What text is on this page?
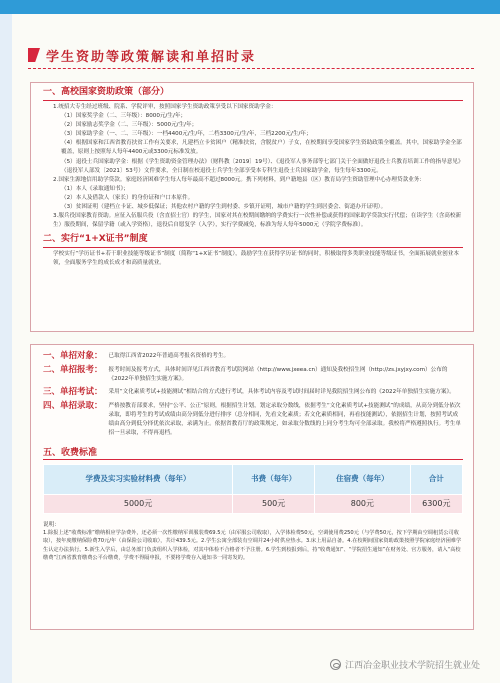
学生资助等政策解读和单招时录
一、高校国家资助政策（部分）
1.统招大专生经过班级、院系、学院评审，按照国家学生资助政策享受以下国家资助学金：
（1）国家奖学金（二、三年级）：8000元/生/年；
（2）国家励志奖学金（二、三年级）：5000元/生/年；
（3）国家助学金（一、二、三年级）：一档4400元/生/年，二档3300元/生/年，三档2200元/生/年；
（4）根据国家和江西省教育扶贫工作有关要求，凡建档立卡贫困户（精准扶贫，含脱贫户）子女，在校期间享受国家学生资助政策全覆盖。其中，国家助学金全部覆盖，原则上按照每人每年4400元或3300元标准发放。
（5）退役士兵国家助学金：根据《学生资助资金管理办法》（财科教〔2019〕19号）、《退役军人事务部等七部门关于全面做好退役士兵教育培训工作的指导意见》（退役军人部发〔2021〕53号）文件要求，全日制在校退役士兵学生全部享受本专科生退役士兵国家助学金，每生每年3300元。
2.国家生源地信用助学贷款。家庭经济困难学生每人每年最高不超过8000元。携下列材料，到户籍地县（区）教育局学生资助管理中心办理贷款业务：
（1）本人《录取通知书》；
（2）本人及借款人（家长）的身份证和户口本原件。
（3）贫困证明（建档立卡证、城乡低保证；其他农村户籍的学生到村委、乡镇开证明，城市户籍的学生到居委会、街道办开证明）。
3.服兵役国家教育资助。应征入伍服兵役（含直招士官）的学生，国家对其在校期间缴纳的学费实行一次性补偿或获得的国家助学贷款实行代偿；在读学生（含高校新生）服役期间，保留学籍（或入学资格），退役后自愿复学（入学），实行学费减免，标准为每人每年5000元（学院学费标准）。
二、实行“1+X证书”制度
学校实行“学历证书+若干职业技能等级证书”制度（简称“1+X证书”制度），鼓励学生在获得学历证书的同时，积极取得多类职业技能等级证书，全面拓展就业创业本领，全面服务学生的成长成才和高质量就业。
一、单招对象： 已取得江西省2022年普通高考报名资格的考生。
二、单招报考： 报考时间及报考方式，具体时间详见江西省教育考试院网站（http://www.jxeea.cn）通知及我校招生网（http://zs.jxyjxy.com）公布的《2022年单独招生实施方案》。
三、单招考试： 采用“文化素质考试+技能测试”相结合的方式进行考试，具体考试内容及考试时间届时详见我院招生网公布的《2022年单独招生实施方案》。
四、单招录取： 严格按教育部要求，坚持“公平、公正”原则，根据招生计划，划定录取分数线，依据考生“文化素质考试+技能测试”的成绩，从高分到低分依次录取，即将考生的考试成绩由高分到低分进行排序（总分相同，先看文化素质；若文化素质相同，再看技能测试），依据招生计划，按照考试成绩由高分到低分择优依次录取，录满为止。依据省教育厅的政策规定，如录取分数线的上同分考生均可全部录取。我校将严格遵照执行。考生单招一旦录取，不得再退档。
五、收费标准
学费及实习实验材料费（每年）	书费（每年）	住宿费（每年）	合计
5000元	500元	800元	6300元
说明：
1.除报上述“收费标准”缴纳相应学杂费外，还必须一次性缴纳军训服装费69.5元（由军服公司收取），入学体检费50元，空调使用费250元（与学费50元，按下学期由空调租赁公司收取），按年度缴纳保险费70元/年（由保险公司收取），共计439.5元。2.学生公寓全部装有空调并24小时供应热水。3.床上用品自备。4.在校期间国家资助政策按照学院家庭经济困难学生认定办法执行。5.新生入学后，由总务部门负责组织入学体检，对其中体检不合格者不予注册。6.学生到校报到后，持“收费通知”、“学院招生通知”在财务处、官方服务，请入“高校缴费”江西省教育缴费公平台缴费，学费不得隔申报，不要将学费存入通知书一同寄发的。
江西冶金职业技术学院招生就业处
